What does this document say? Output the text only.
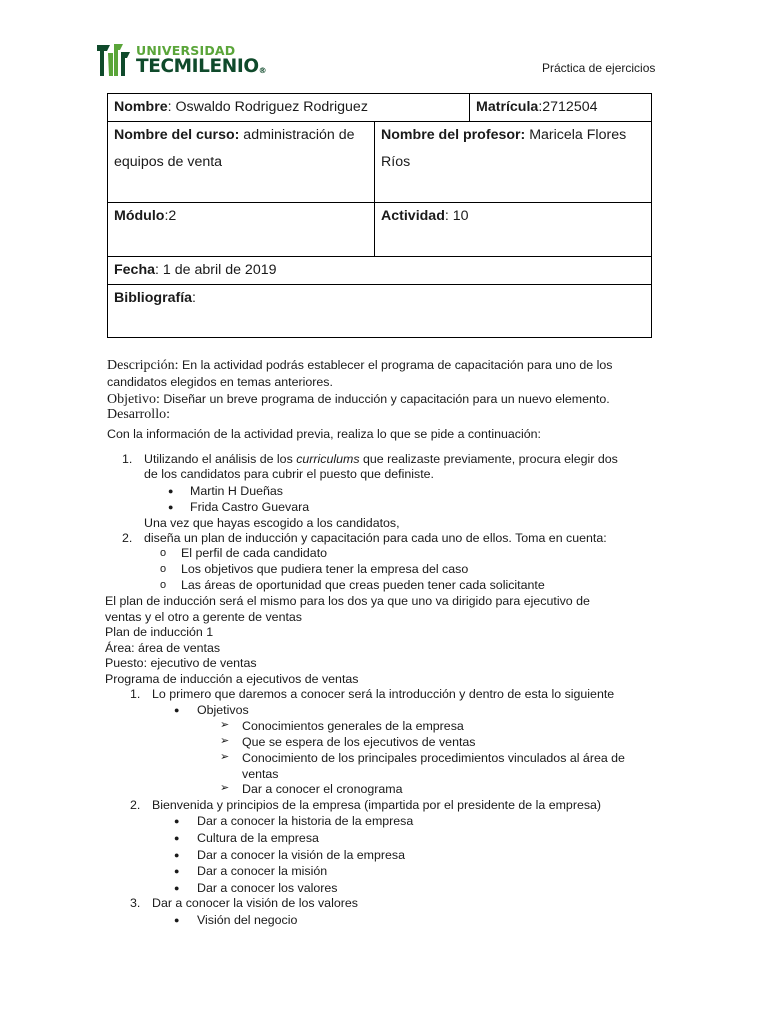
UNIVERSIDAD
TECMILENIO®	Práctica de ejercicios
Nombre: Oswaldo Rodriguez Rodriguez		Matrícula:2712504
Nombre del curso: administración de equipos de venta	Nombre del profesor: Maricela Flores Ríos	
Módulo:2	Actividad: 10	
Fecha: 1 de abril de 2019		
Bibliografía:		
Descripción: En la actividad podrás establecer el programa de capacitación para uno de los candidatos elegidos en temas anteriores.
Objetivo: Diseñar un breve programa de inducción y capacitación para un nuevo elemento.
Desarrollo:
Con la información de la actividad previa, realiza lo que se pide a continuación:
1. Utilizando el análisis de los curriculums que realizaste previamente, procura elegir dos
de los candidatos para cubrir el puesto que definiste.
● Martin H Dueñas
● Frida Castro Guevara
Una vez que hayas escogido a los candidatos,
2. diseña un plan de inducción y capacitación para cada uno de ellos. Toma en cuenta:
o El perfil de cada candidato
o Los objetivos que pudiera tener la empresa del caso
o Las áreas de oportunidad que creas pueden tener cada solicitante
El plan de inducción será el mismo para los dos ya que uno va dirigido para ejecutivo de
ventas y el otro a gerente de ventas
Plan de inducción 1
Área: área de ventas
Puesto: ejecutivo de ventas
Programa de inducción a ejecutivos de ventas
1. Lo primero que daremos a conocer será la introducción y dentro de esta lo siguiente
● Objetivos
➢ Conocimientos generales de la empresa
➢ Que se espera de los ejecutivos de ventas
➢ Conocimiento de los principales procedimientos vinculados al área de
ventas
➢ Dar a conocer el cronograma
2. Bienvenida y principios de la empresa (impartida por el presidente de la empresa)
● Dar a conocer la historia de la empresa
● Cultura de la empresa
● Dar a conocer la visión de la empresa
● Dar a conocer la misión
● Dar a conocer los valores
3. Dar a conocer la visión de los valores
● Visión del negocio
